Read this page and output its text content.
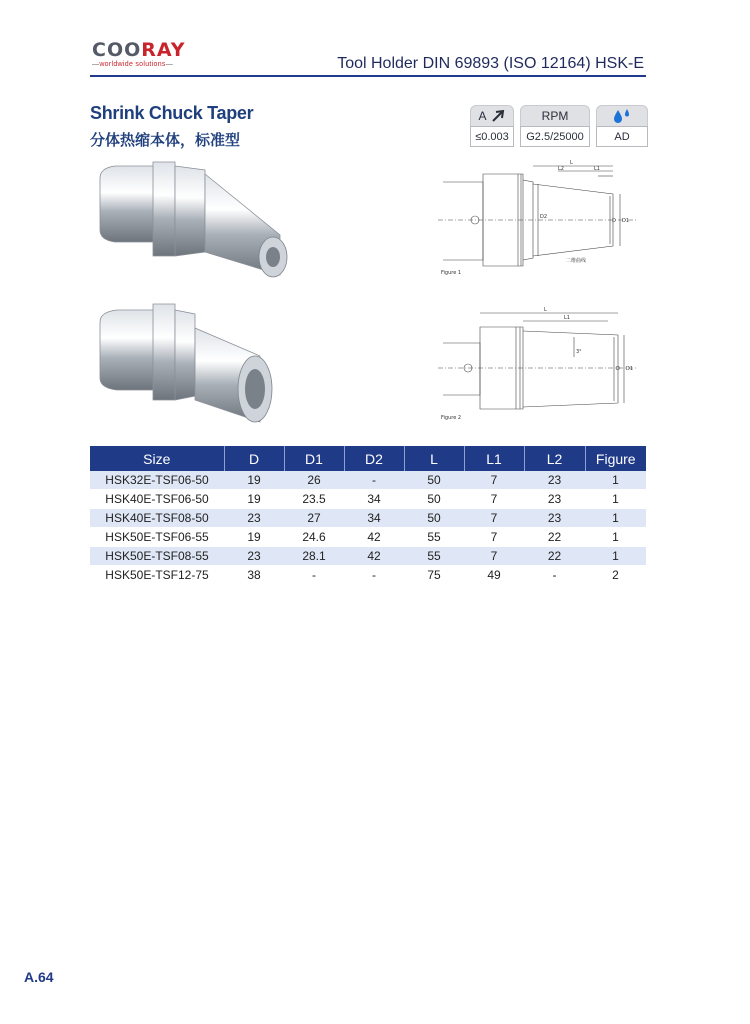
COORAY
—worldwide solutions—	Tool Holder DIN 69893 (ISO 12164) HSK-E
Shrink Chuck Taper
分体热缩本体，标准型
A
≤0.003
RPM
G2.5/25000	AD
L
L2	L1
D2
D D1
二维曲线
Figure 1
L
L1
3°
D D1
Figure 2
Size	D	D1	D2	L	L1	L2	Figure
HSK32E-TSF06-50	19	26	-	50	7	23	1
HSK40E-TSF06-50	19	23.5	34	50	7	23	1
HSK40E-TSF08-50	23	27	34	50	7	23	1
HSK50E-TSF06-55	19	24.6	42	55	7	22	1
HSK50E-TSF08-55	23	28.1	42	55	7	22	1
HSK50E-TSF12-75	38	-	-	75	49	-	2
A.64
